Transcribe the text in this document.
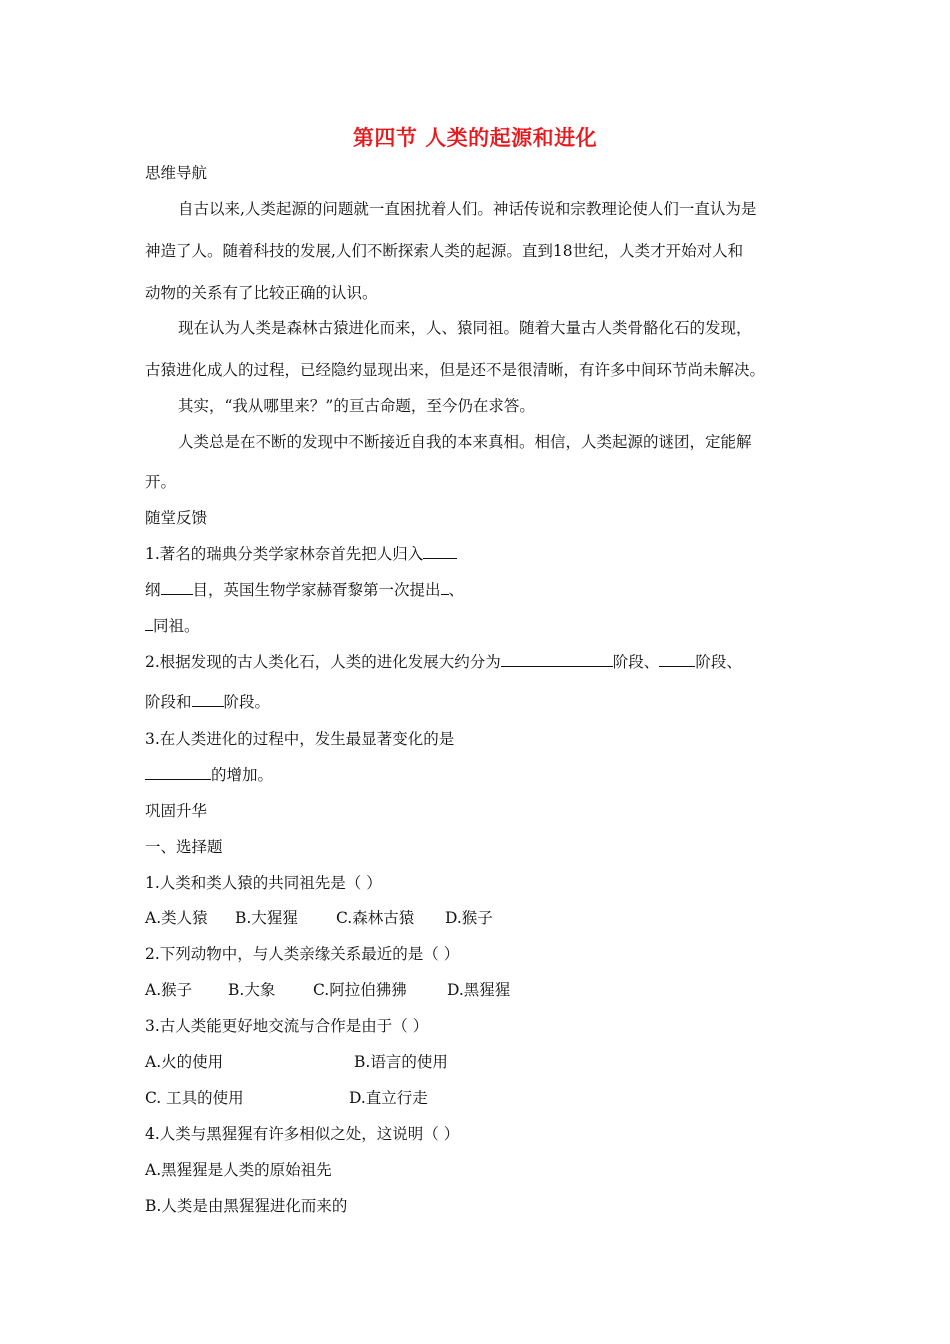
第四节 人类的起源和进化
思维导航
自古以来,人类起源的问题就一直困扰着人们。神话传说和宗教理论使人们一直认为是
神造了人。随着科技的发展,人们不断探索人类的起源。直到18世纪，人类才开始对人和
动物的关系有了比较正确的认识。
现在认为人类是森林古猿进化而来，人、猿同祖。随着大量古人类骨骼化石的发现，
古猿进化成人的过程，已经隐约显现出来，但是还不是很清晰，有许多中间环节尚未解决。
其实，“我从哪里来？”的亘古命题，至今仍在求答。
人类总是在不断的发现中不断接近自我的本来真相。相信，人类起源的谜团，定能解
开。
随堂反馈
1.著名的瑞典分类学家林奈首先把人归入
纲 目，英国生物学家赫胥黎第一次提出 、
同祖。
2.根据发现的古人类化石，人类的进化发展大约分为	阶段、 阶段、
阶段和 阶段。
3.在人类进化的过程中，发生最显著变化的是
的增加。
巩固升华
一、选择题
1.人类和类人猿的共同祖先是（ ）
A.类人猿 B.大猩猩 C.森林古猿 D.猴子
2.下列动物中，与人类亲缘关系最近的是（ ）
A.猴子 B.大象 C.阿拉伯狒狒	D.黑猩猩
3.古人类能更好地交流与合作是由于（ ）
A.火的使用	B.语言的使用
C. 工具的使用	D.直立行走
4.人类与黑猩猩有许多相似之处，这说明（ ）
A.黑猩猩是人类的原始祖先
B.人类是由黑猩猩进化而来的
